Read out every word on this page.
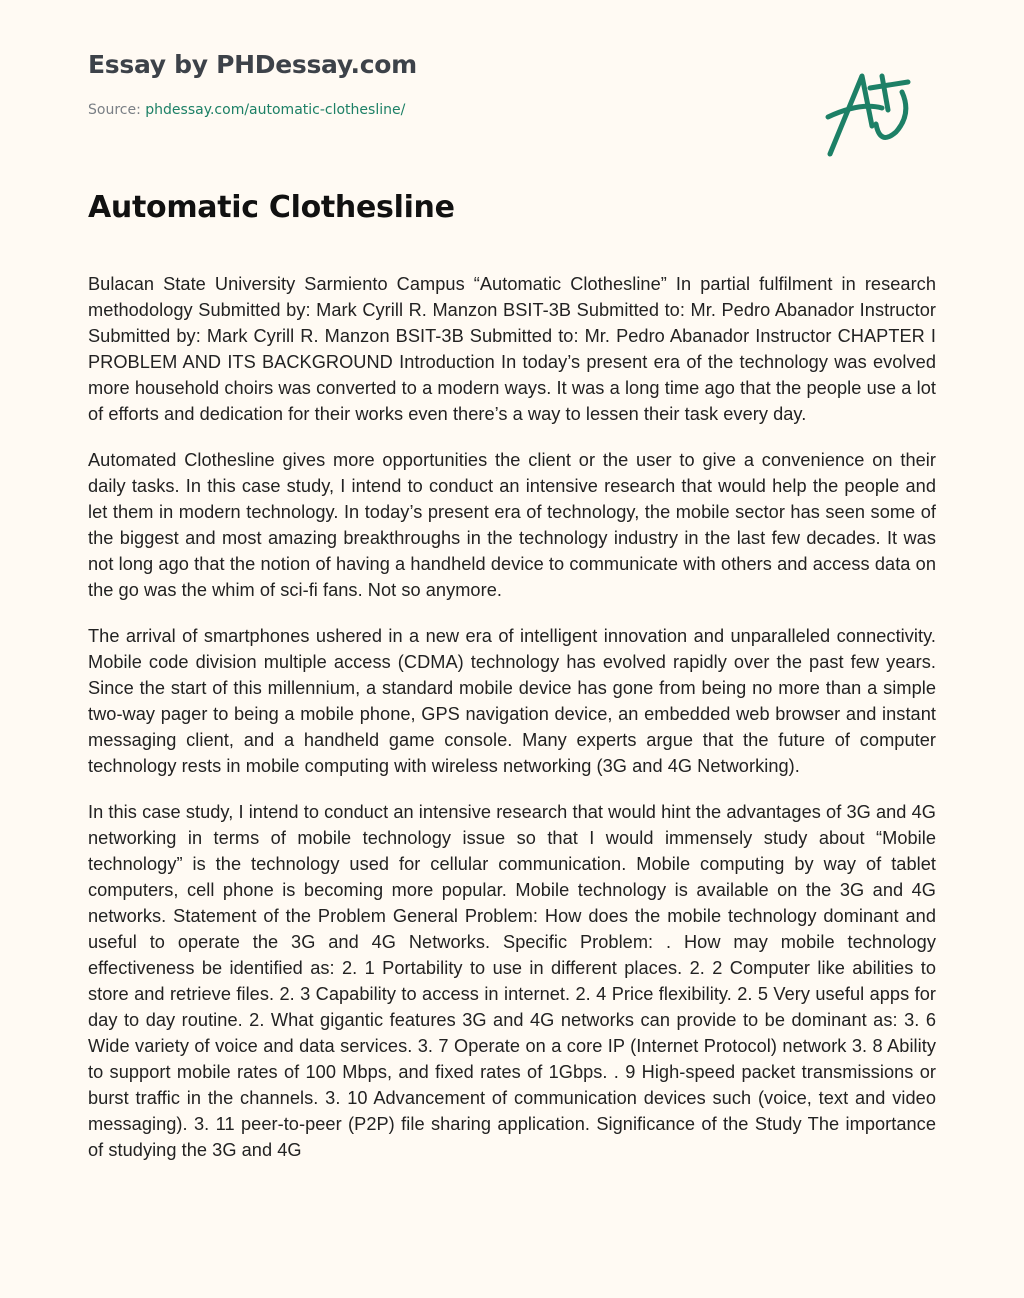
Essay by PHDessay.com
Source: phdessay.com/automatic-clothesline/
Automatic Clothesline

Bulacan State University Sarmiento Campus “Automatic Clothesline” In partial fulfilment in research methodology Submitted by: Mark Cyrill R. Manzon BSIT-3B Submitted to: Mr. Pedro Abanador Instructor Submitted by: Mark Cyrill R. Manzon BSIT-3B Submitted to: Mr. Pedro Abanador Instructor CHAPTER I PROBLEM AND ITS BACKGROUND Introduction In today’s present era of the technology was evolved more household choirs was converted to a modern ways. It was a long time ago that the people use a lot of efforts and dedication for their works even there’s a way to lessen their task every day.

Automated Clothesline gives more opportunities the client or the user to give a convenience on their daily tasks. In this case study, I intend to conduct an intensive research that would help the people and let them in modern technology. In today’s present era of technology, the mobile sector has seen some of the biggest and most amazing breakthroughs in the technology industry in the last few decades. It was not long ago that the notion of having a handheld device to communicate with others and access data on the go was the whim of sci-fi fans. Not so anymore.

The arrival of smartphones ushered in a new era of intelligent innovation and unparalleled connectivity. Mobile code division multiple access (CDMA) technology has evolved rapidly over the past few years. Since the start of this millennium, a standard mobile device has gone from being no more than a simple two-way pager to being a mobile phone, GPS navigation device, an embedded web browser and instant messaging client, and a handheld game console. Many experts argue that the future of computer technology rests in mobile computing with wireless networking (3G and 4G Networking).

In this case study, I intend to conduct an intensive research that would hint the advantages of 3G and 4G networking in terms of mobile technology issue so that I would immensely study about “Mobile technology” is the technology used for cellular communication. Mobile computing by way of tablet computers, cell phone is becoming more popular. Mobile technology is available on the 3G and 4G networks. Statement of the Problem General Problem: How does the mobile technology dominant and useful to operate the 3G and 4G Networks. Specific Problem: . How may mobile technology effectiveness be identified as: 2. 1 Portability to use in different places. 2. 2 Computer like abilities to store and retrieve files. 2. 3 Capability to access in internet. 2. 4 Price flexibility. 2. 5 Very useful apps for day to day routine. 2. What gigantic features 3G and 4G networks can provide to be dominant as: 3. 6 Wide variety of voice and data services. 3. 7 Operate on a core IP (Internet Protocol) network 3. 8 Ability to support mobile rates of 100 Mbps, and fixed rates of 1Gbps. . 9 High-speed packet transmissions or burst traffic in the channels. 3. 10 Advancement of communication devices such (voice, text and video messaging). 3. 11 peer-to-peer (P2P) file sharing application. Significance of the Study The importance of studying the 3G and 4G
